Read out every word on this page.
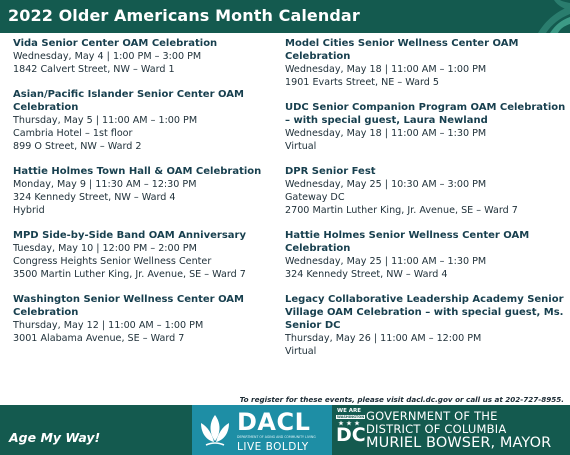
2022 Older Americans Month Calendar
Vida Senior Center OAM Celebration
Wednesday, May 4 | 1:00 PM – 3:00 PM
1842 Calvert Street, NW – Ward 1
Asian/Pacific Islander Senior Center OAM Celebration
Thursday, May 5 | 11:00 AM – 1:00 PM
Cambria Hotel – 1st floor
899 O Street, NW – Ward 2
Hattie Holmes Town Hall & OAM Celebration
Monday, May 9 | 11:30 AM – 12:30 PM
324 Kennedy Street, NW – Ward 4
Hybrid
MPD Side-by-Side Band OAM Anniversary
Tuesday, May 10 | 12:00 PM – 2:00 PM
Congress Heights Senior Wellness Center
3500 Martin Luther King, Jr. Avenue, SE – Ward 7
Washington Senior Wellness Center OAM Celebration
Thursday, May 12 | 11:00 AM – 1:00 PM
3001 Alabama Avenue, SE – Ward 7
Model Cities Senior Wellness Center OAM Celebration
Wednesday, May 18 | 11:00 AM – 1:00 PM
1901 Evarts Street, NE – Ward 5
UDC Senior Companion Program OAM Celebration – with special guest, Laura Newland
Wednesday, May 18 | 11:00 AM – 1:30 PM
Virtual
DPR Senior Fest
Wednesday, May 25 | 10:30 AM – 3:00 PM
Gateway DC
2700 Martin Luther King, Jr. Avenue, SE – Ward 7
Hattie Holmes Senior Wellness Center OAM Celebration
Wednesday, May 25 | 11:00 AM – 1:30 PM
324 Kennedy Street, NW – Ward 4
Legacy Collaborative Leadership Academy Senior Village OAM Celebration – with special guest, Ms. Senior DC
Thursday, May 26 | 11:00 AM – 12:00 PM
Virtual
To register for these events, please visit dacl.dc.gov or call us at 202-727-8955.
Age My Way!
DACL
DEPARTMENT OF AGING AND COMMUNITY LIVING
LIVE BOLDLY
WE ARE
WASHINGTON
DC
GOVERNMENT OF THE
DISTRICT OF COLUMBIA
MURIEL BOWSER, MAYOR
